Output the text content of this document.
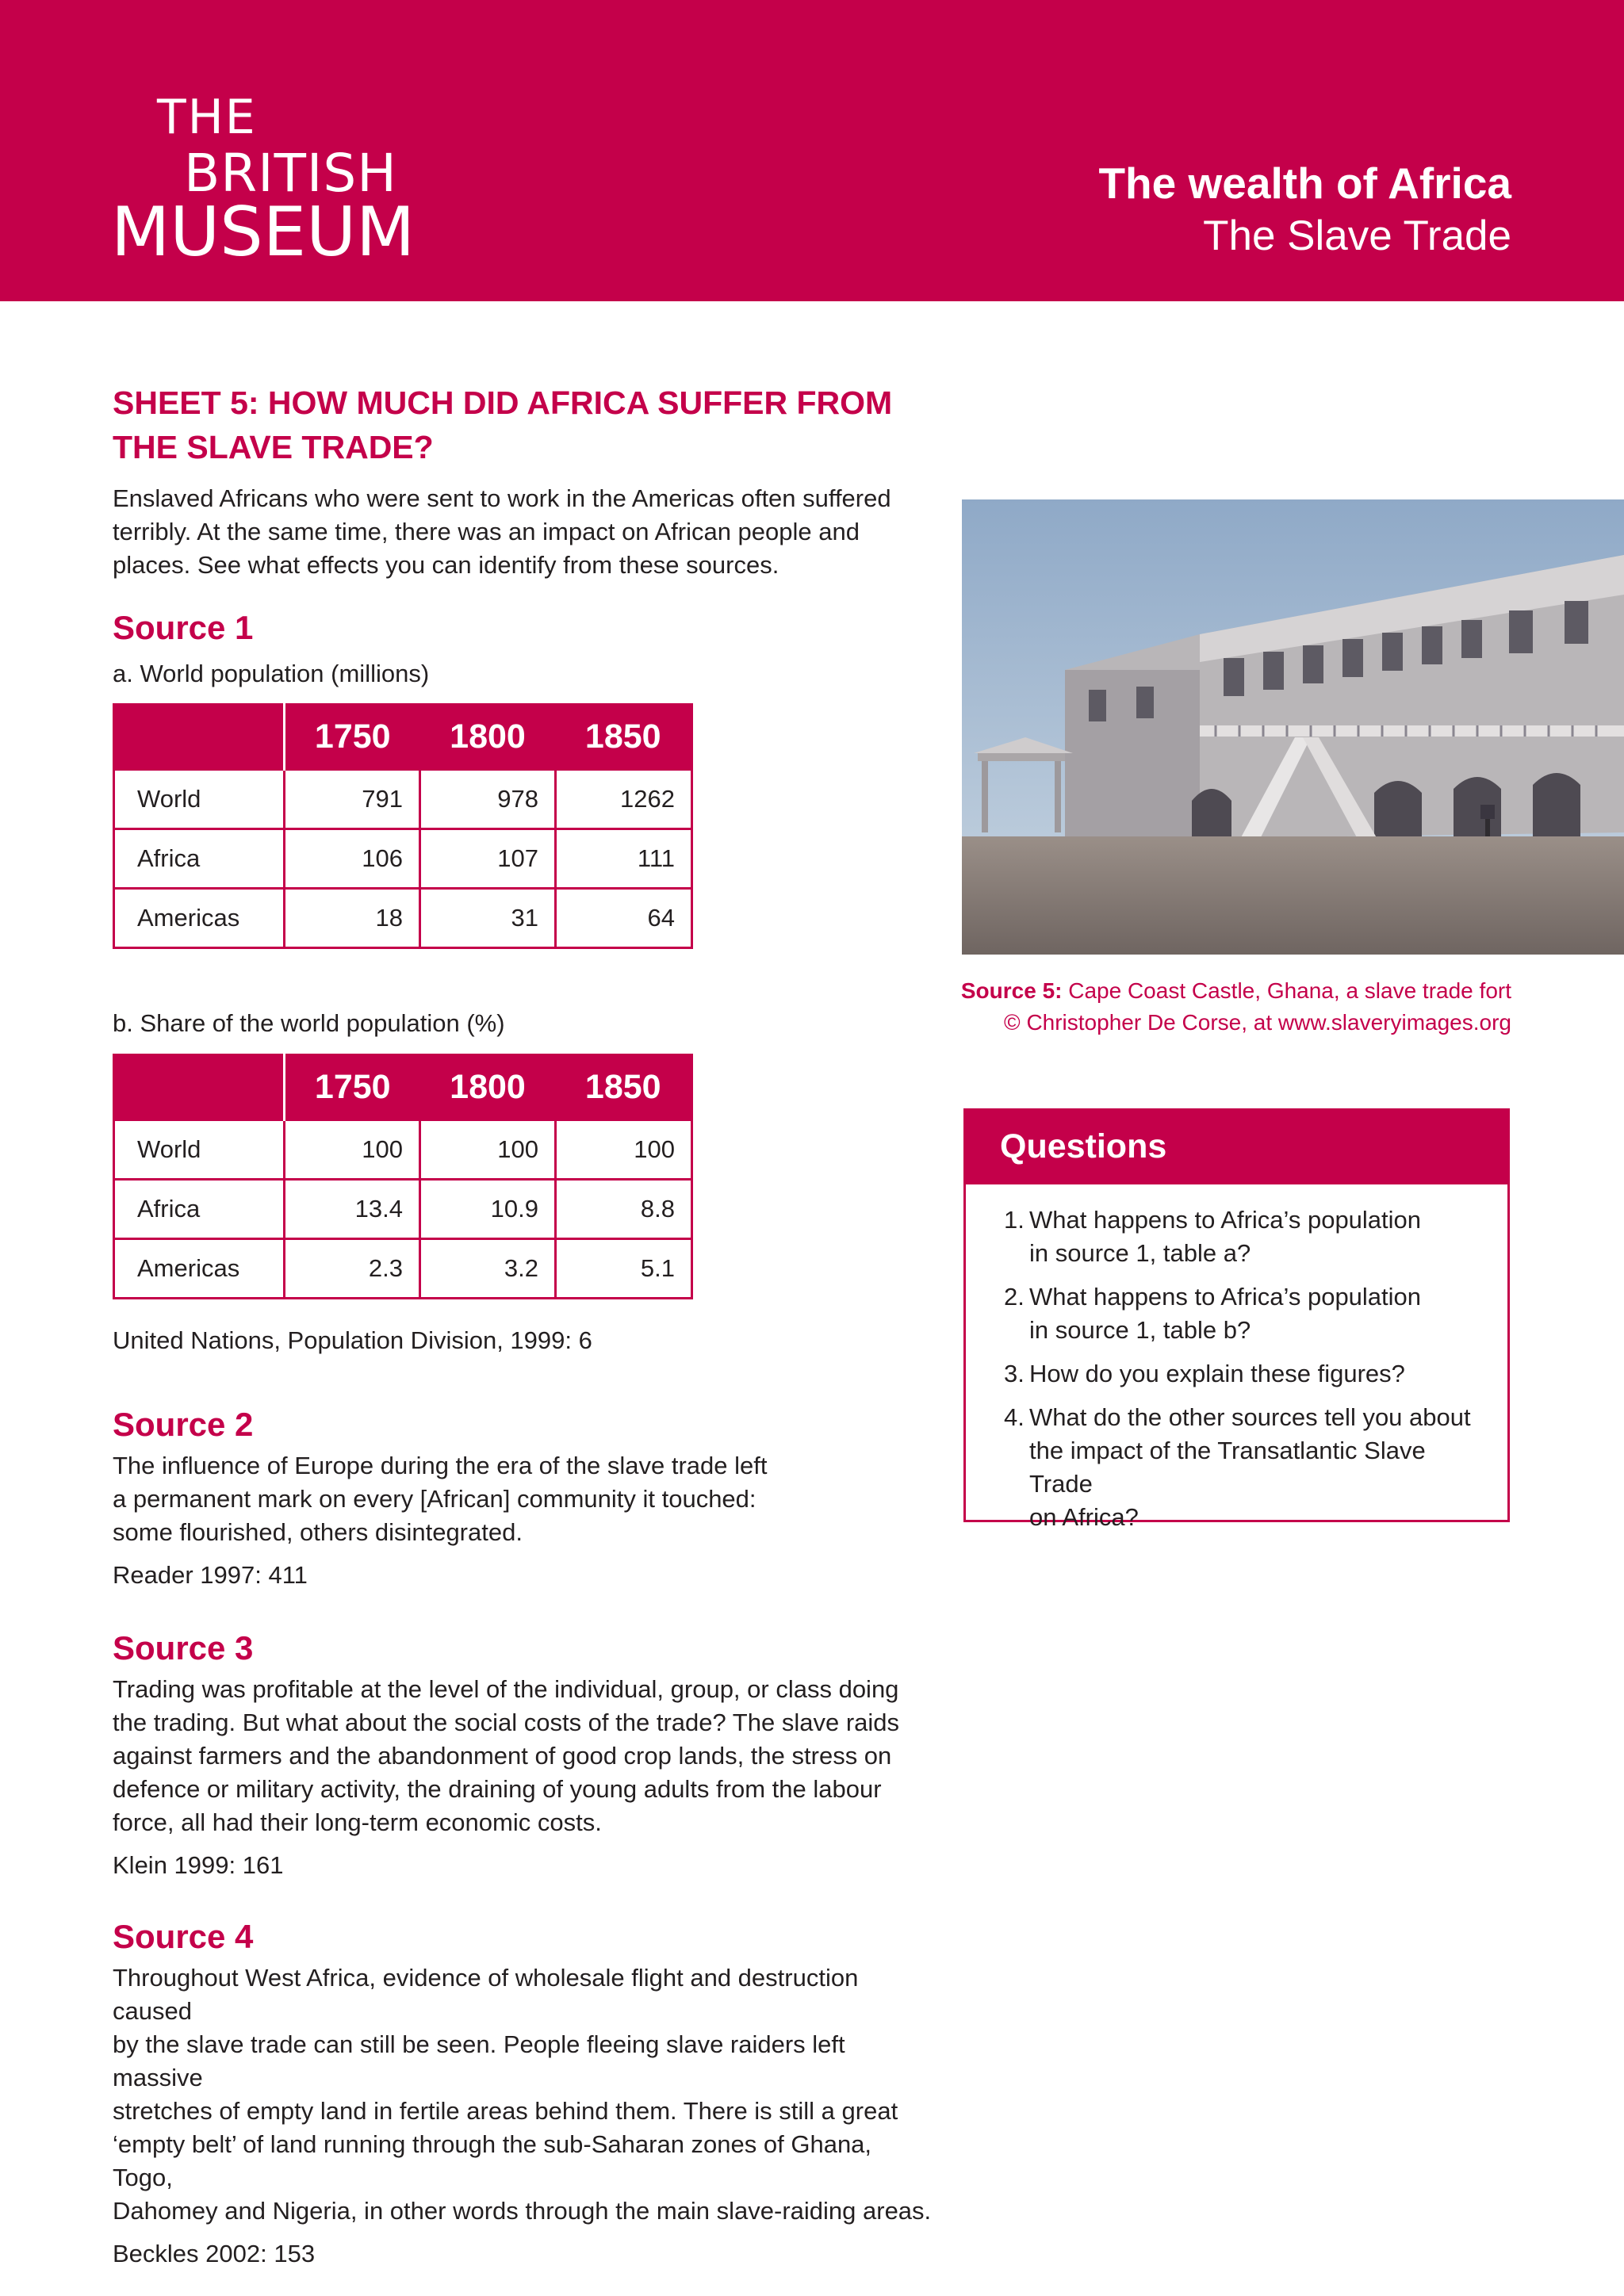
THE
BRITISH
MUSEUM
The wealth of Africa
The Slave Trade
SHEET 5: HOW MUCH DID AFRICA SUFFER FROM
THE SLAVE TRADE?

Enslaved Africans who were sent to work in the Americas often suffered
terribly. At the same time, there was an impact on African people and
places. See what effects you can identify from these sources.

Source 1

a. World population (millions)

	1750	1800	1850
World	791	978	1262
Africa	106	107	111
Americas	18	31	64

b. Share of the world population (%)

	1750	1800	1850
World	100	100	100
Africa	13.4	10.9	8.8
Americas	2.3	3.2	5.1

United Nations, Population Division, 1999: 6

Source 2

The influence of Europe during the era of the slave trade left
a permanent mark on every [African] community it touched:
some flourished, others disintegrated.

Reader 1997: 411

Source 3

Trading was profitable at the level of the individual, group, or class doing
the trading. But what about the social costs of the trade? The slave raids
against farmers and the abandonment of good crop lands, the stress on
defence or military activity, the draining of young adults from the labour
force, all had their long-term economic costs.

Klein 1999: 161

Source 4

Throughout West Africa, evidence of wholesale flight and destruction caused
by the slave trade can still be seen. People fleeing slave raiders left massive
stretches of empty land in fertile areas behind them. There is still a great
‘empty belt’ of land running through the sub-Saharan zones of Ghana, Togo,
Dahomey and Nigeria, in other words through the main slave-raiding areas.

Beckles 2002: 153

Source 5: Cape Coast Castle, Ghana, a slave trade fort
© Christopher De Corse, at www.slaveryimages.org
Questions
1. What happens to Africa’s population
in source 1, table a?
2. What happens to Africa’s population
in source 1, table b?
3. How do you explain these figures?
4. What do the other sources tell you about
the impact of the Transatlantic Slave Trade
on Africa?
